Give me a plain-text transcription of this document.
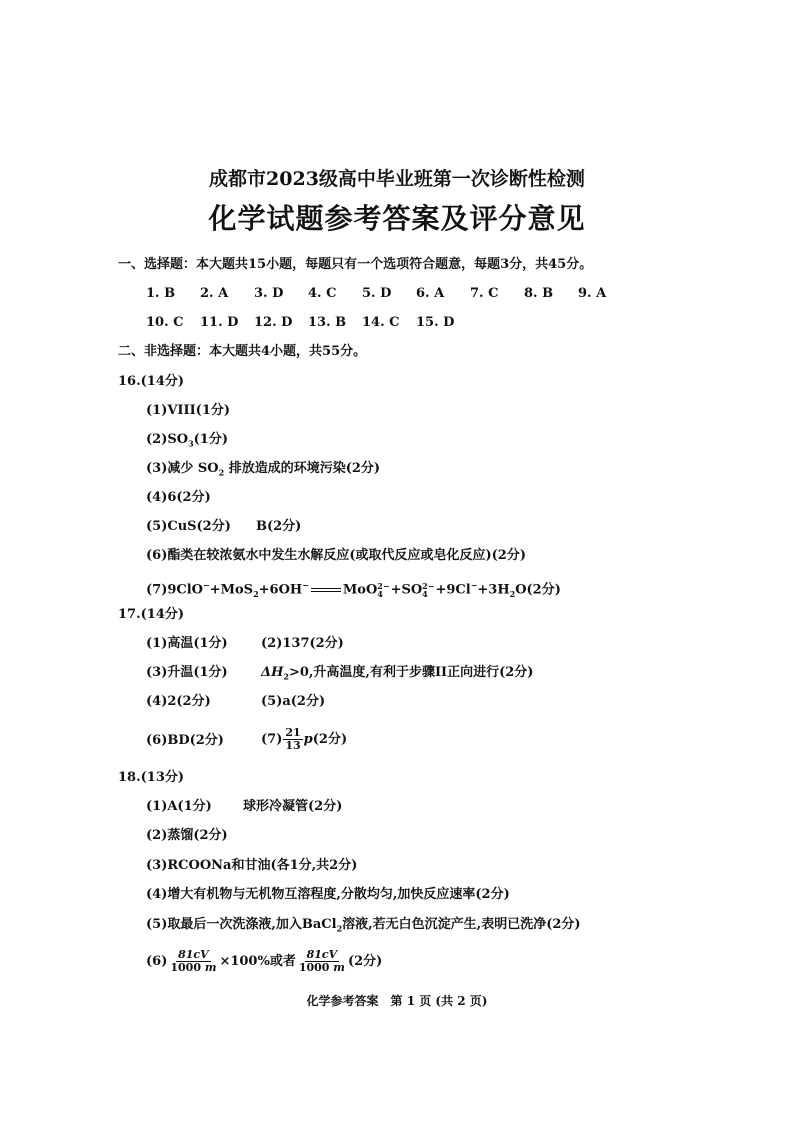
成都市2023级高中毕业班第一次诊断性检测
化学试题参考答案及评分意见
一、选择题：本大题共15小题，每题只有一个选项符合题意，每题3分，共45分。
1. B 2. A 3. D 4. C 5. D 6. A 7. C 8. B 9. A
10. C 11. D 12. D 13. B 14. C 15. D
二、非选择题：本大题共4小题，共55分。
16.(14分)
(1)VIII(1分)
$(2)SO_3(1$分)
(3)减少 $SO_2$ 排放造成的环境污染(2分)
(4)6(2分)
(5)CuS(2分) B(2分)
(6)酯类在较浓氨水中发生水解反应(或取代反应或皂化反应)(2分)
(7)9ClO−+MoS$_2$+6OH−	MoO 2−
4 +SO 2−
$4 +9Cl^-+3H_2O(2$分)
17.(14分)
(1)高温(1分)	(2)137(2分)
(3)升温(1分)	$\Delta H_2>0$,升高温度,有利于步骤II正向进行(2分)
(4)2(2分)	(5)a(2分)
(6)BD(2分)	$(7) \frac{21}{13} p(2$分)
18.(13分)
(1)A(1分) 球形冷凝管(2分)
(2)蒸馏(2分)
(3)RCOONa和甘油(各1分,共2分)
(4)增大有机物与无机物互溶程度,分散均匀,加快反应速率(2分)
(5)取最后一次洗涤液,加入BaCl$_2$溶液,若无白色沉淀产生,表明已洗净(2分)
$(6) \frac{81cV}{1000 m} \times 100\%$或者 $\frac{81cV}{1000 m} (2$分)
化学参考答案　第 1 页 (共 2 页)
